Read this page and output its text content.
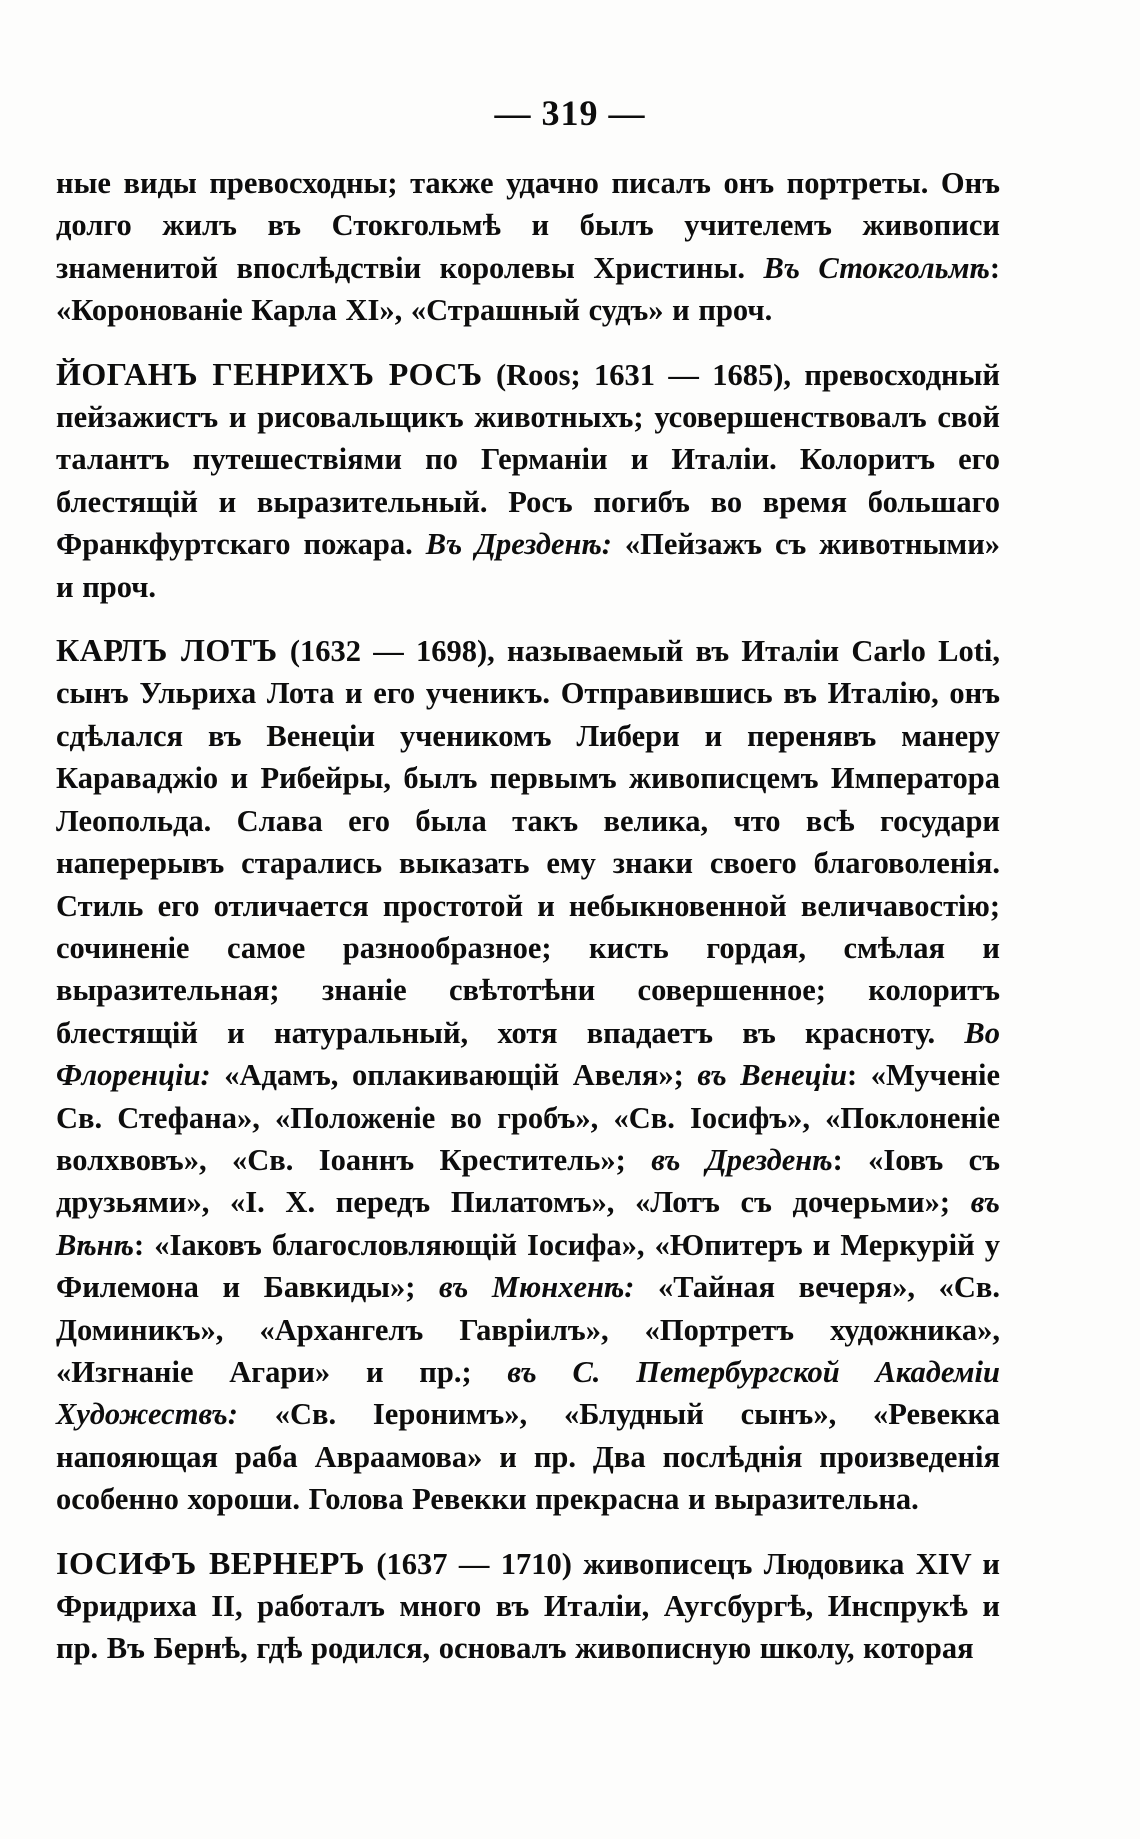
— 319 —

ные виды превосходны; также удачно писалъ онъ портреты. Онъ долго жилъ въ Стокгольмѣ и былъ учителемъ живописи знаменитой впослѣдствіи королевы Христины. Въ Стокгольмѣ: «Коронованіе Карла XI», «Страшный судъ» и проч.

ЙОГАНЪ ГЕНРИХЪ РОСЪ (Roos; 1631 — 1685), превосходный пейзажистъ и рисовальщикъ животныхъ; усовершенствовалъ свой талантъ путешествіями по Германіи и Италіи. Колоритъ его блестящій и выразительный. Росъ погибъ во время большаго Франкфуртскаго пожара. Въ Дрезденѣ: «Пейзажъ съ животными» и проч.

КАРЛЪ ЛОТЪ (1632 — 1698), называемый въ Италіи Carlo Loti, сынъ Ульриха Лота и его ученикъ. Отправившись въ Италію, онъ сдѣлался въ Венеціи ученикомъ Либери и перенявъ манеру Караваджіо и Рибейры, былъ первымъ живописцемъ Императора Леопольда. Слава его была такъ велика, что всѣ государи наперерывъ старались выказать ему знаки своего благоволенія. Стиль его отличается простотой и небыкновенной величавостію; сочиненіе самое разнообразное; кисть гордая, смѣлая и выразительная; знаніе свѣтотѣни совершенное; колоритъ блестящій и натуральный, хотя впадаетъ въ красноту. Во Флоренціи: «Адамъ, оплакивающій Авеля»; въ Венеціи: «Мученіе Св. Стефана», «Положеніе во гробъ», «Св. Іосифъ», «Поклоненіе волхвовъ», «Св. Іоаннъ Креститель»; въ Дрезденѣ: «Іовъ съ друзьями», «І. Х. передъ Пилатомъ», «Лотъ съ дочерьми»; въ Вѣнѣ: «Іаковъ благословляющій Іосифа», «Юпитеръ и Меркурій у Филемона и Бавкиды»; въ Мюнхенѣ: «Тайная вечеря», «Св. Доминикъ», «Архангелъ Гавріилъ», «Портретъ художника», «Изгнаніе Агари» и пр.; въ С. Петербургской Академіи Художествъ: «Св. Іеронимъ», «Блудный сынъ», «Ревекка напояющая раба Авраамова» и пр. Два послѣднія произведенія особенно хороши. Голова Ревекки прекрасна и выразительна.

ІОСИФЪ ВЕРНЕРЪ (1637 — 1710) живописецъ Людовика XIV и Фридриха II, работалъ много въ Италіи, Аугсбургѣ, Инспрукѣ и пр. Въ Бернѣ, гдѣ родился, основалъ живописную школу, которая
